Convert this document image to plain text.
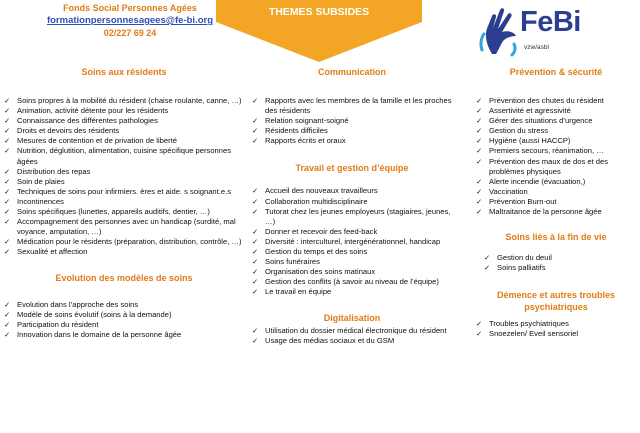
Fonds Social Personnes Agées
formationpersonnesagees@fe-bi.org
02/227 69 24
THEMES SUBSIDES	FeBi
vzw/asbl
Soins aux résidents
✓ Soins propres à la mobilité du résident (chaise roulante, canne, …)
✓ Animation, activité détente pour les résidents
✓ Connaissance des différentes pathologies
✓ Droits et devoirs des résidents
✓ Mesures de contention et de privation de liberté
✓ Nutrition, déglutition, alimentation, cuisine spécifique personnes âgées
✓ Distribution des repas
✓ Soin de plaies
✓ Techniques de soins pour infirmiers. ères et aide. s soignant.e.s
✓ Incontinences
✓ Soins spécifiques (lunettes, appareils auditifs, dentier, …)
✓ Accompagnement des personnes avec un handicap (surdité, mal voyance, amputation, …)
✓ Médication pour le résidents (préparation, distribution, contrôle, …)
✓ Sexualité et affection
Evolution des modèles de soins
✓ Evolution dans l’approche des soins
✓ Modèle de soins évolutif (soins à la demande)
✓ Participation du résident
✓ Innovation dans le domaine de la personne âgée
Communication
✓ Rapports avec les membres de la famille et les proches des résidents
✓ Relation soignant-soigné
✓ Résidents difficiles
✓ Rapports écrits et oraux
Travail et gestion d’équipe
✓ Accueil des nouveaux travailleurs
✓ Collaboration multidisciplinaire
✓ Tutorat chez les jeunes employeurs (stagiaires, jeunes, …)
✓ Donner et recevoir des feed-back
✓ Diversité : interculturel, intergénérationnel, handicap
✓ Gestion du temps et des soins
✓ Soins funéraires
✓ Organisation des soins matinaux
✓ Gestion des conflits (à savoir au niveau de l’équipe)
✓ Le travail en équipe
Digitalisation
✓ Utilisation du dossier médical électronique du résident
✓ Usage des médias sociaux et du GSM
Prévention & sécurité
✓ Prévention des chutes du résident
✓ Assertivité et agressivité
✓ Gérer des situations d’urgence
✓ Gestion du stress
✓ Hygiène (aussi HACCP)
✓ Premiers secours, réanimation, …
✓ Prévention des maux de dos et des problèmes physiques
✓ Alerte incendie (évacuation,)
✓ Vaccination
✓ Prévention Burn-out
✓ Maltraitance de la personne âgée
Soins liés à la fin de vie
✓ Gestion du deuil
✓ Soins palliatifs
Démence et autres troubles psychiatriques
✓ Troubles psychiatriques
✓ Snoezelen/ Eveil sensoriel
